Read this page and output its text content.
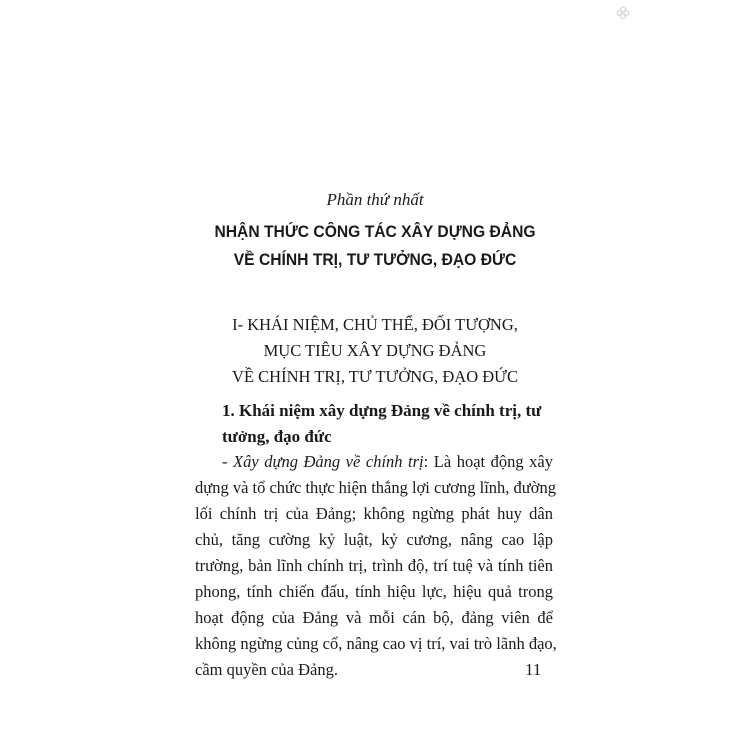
Phần thứ nhất
NHẬN THỨC CÔNG TÁC XÂY DỰNG ĐẢNG
VỀ CHÍNH TRỊ, TƯ TƯỞNG, ĐẠO ĐỨC
I- KHÁI NIỆM, CHỦ THỂ, ĐỐI TƯỢNG,
MỤC TIÊU XÂY DỰNG ĐẢNG
VỀ CHÍNH TRỊ, TƯ TƯỞNG, ĐẠO ĐỨC
1. Khái niệm xây dựng Đảng về chính trị, tư tưởng, đạo đức
- Xây dựng Đảng về chính trị: Là hoạt động xây
dựng và tổ chức thực hiện thắng lợi cương lĩnh, đường
lối chính trị của Đảng; không ngừng phát huy dân
chủ, tăng cường kỷ luật, kỷ cương, nâng cao lập
trường, bản lĩnh chính trị, trình độ, trí tuệ và tính tiên
phong, tính chiến đấu, tính hiệu lực, hiệu quả trong
hoạt động của Đảng và mỗi cán bộ, đảng viên để
không ngừng củng cố, nâng cao vị trí, vai trò lãnh đạo,
cầm quyền của Đảng.	11
